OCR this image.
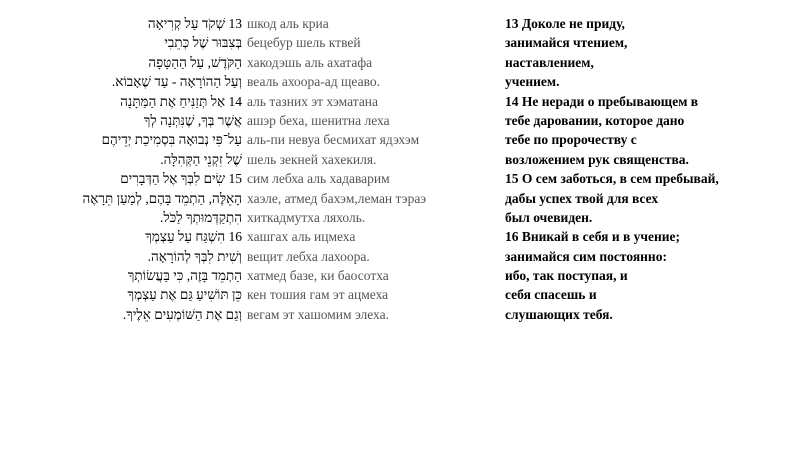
13 שְׁקֹד עַל קְרִיאָה
בְּצִבּוּר שֶׁל כְּתֵבִי
הַקֹּדֶשׁ, עַל הַהַטָּפָה
וְעַל הַהוֹרָאָה - עַד שֶׁאָבוֹא.
14 אַל תְּזַנִּיחַ אֶת הַמַּתָּנָה
אֲשֶׁר בְּךָ, שֶׁנִּתְּנָה לְךָ
עַל־פִּי נְבוּאָה בִּסְמִיכַת יְדֵיהֶם
שֶׁל זִקְנֵי הַקְּהִלָּה.
15 שִׂים לִבְּךָ אֶל הַדְּבָרִים
הָאֵלֶּה, הַתְמֵד בָּהֶם, לְמַעַן תֵּרָאֶה
הִתְקַדְּמוּתְךָ לַכֹּל.
16 הִשְׁגַּח עַל עַצְמְךָ
וְשִׁית לִבְּךָ לְהוֹרָאָה.
הַתְמֵד בָּזֶה, כִּי בַּעֲשׂוֹתְךָ
כֵּן תּוֹשִׁיעַ גַּם אֶת עַצְמְךָ
וְגַם אֶת הַשּׁוֹמְעִים אֵלֶיךָ.
шкод аль криа
бецебур шель ктвей
хакодэшь аль ахатафа
веаль ахоора-ад щеаво.
аль тазних эт хэматана
ашэр беха, шенитна леха
аль-пи невуа бесмихат ядэхэм
шель зекней хахекиля.
сим лебха аль хадаварим
хаэле, атмед бахэм,леман тэраэ
хиткадмутха ляхоль.
хашгах аль ицмеха
вещит лебха лахоора.
хатмед базе, ки баосотха
кен тошия гам эт ацмеха
вегам эт хашомим элеха.
13 Доколе не приду,
занимайся чтением,
наставлением,
учением.
14 Не неради о пребывающем в
тебе даровании, которое дано
тебе по пророчеству с
возложением рук священства.
15 О сем заботься, в сем пребывай,
дабы успех твой для всех
был очевиден.
16 Вникай в себя и в учение;
занимайся сим постоянно:
ибо, так поступая, и
себя спасешь и
слушающих тебя.
